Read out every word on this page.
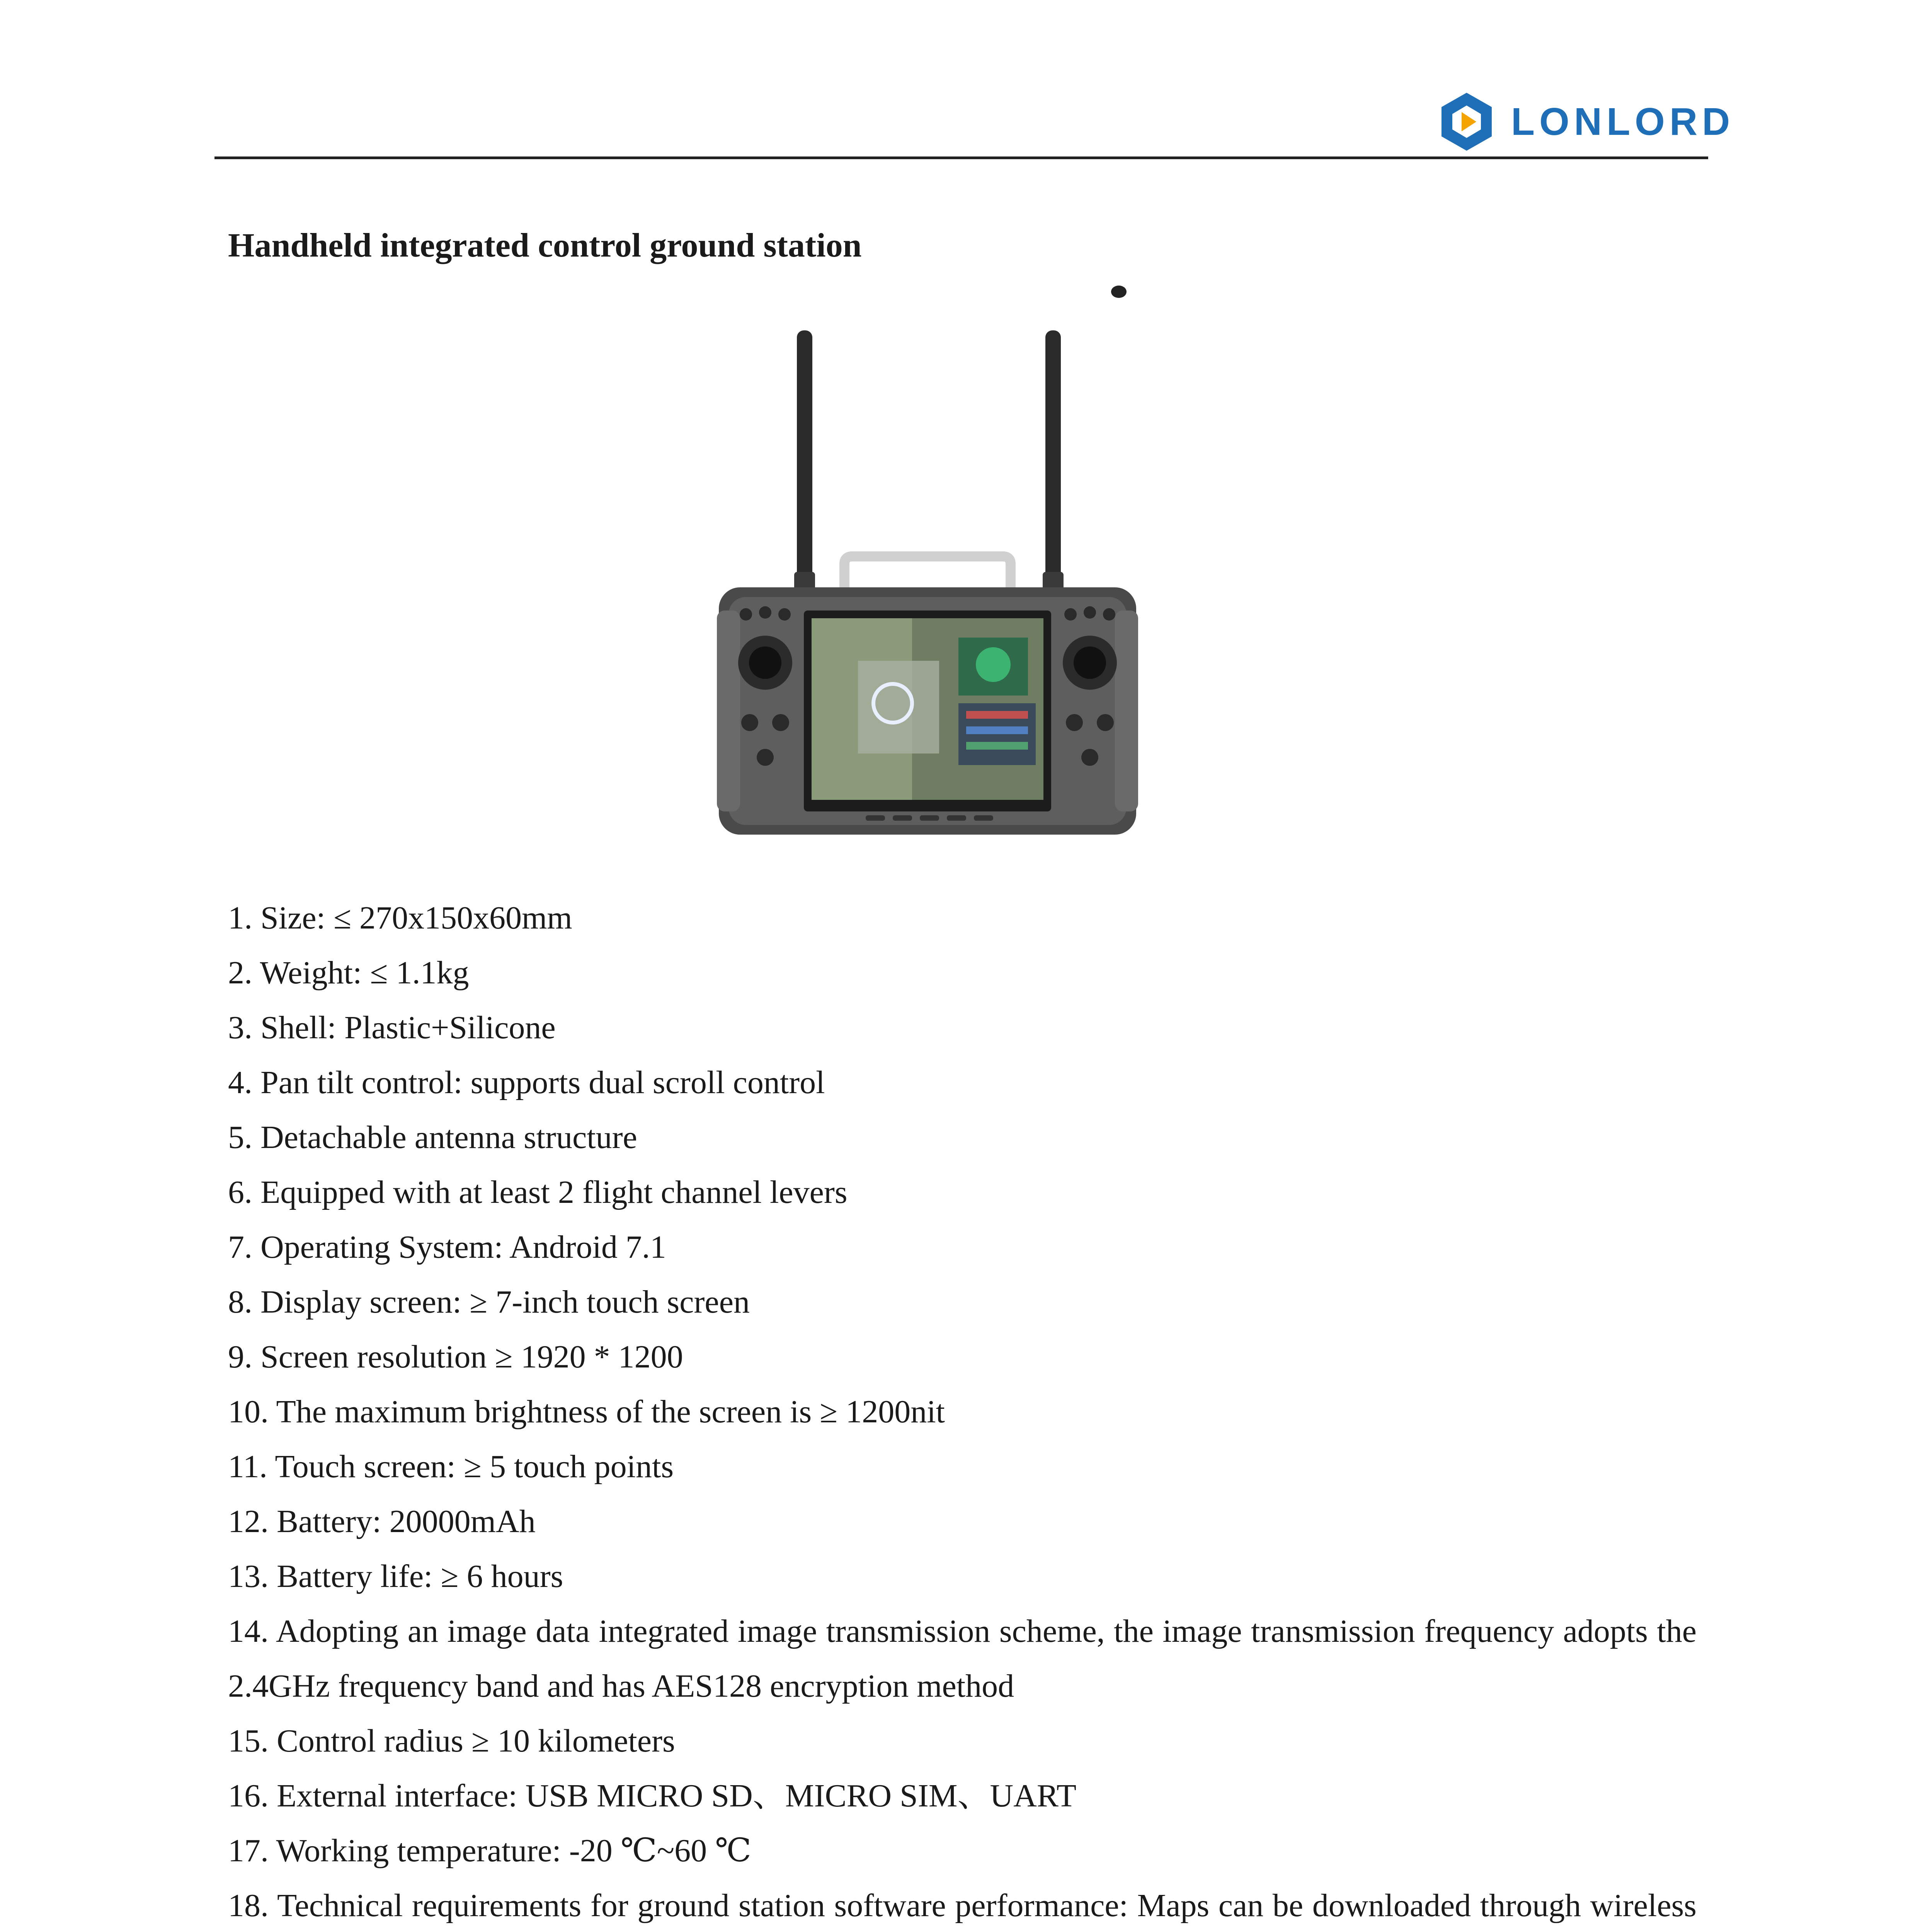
LONLORD
Handheld integrated control ground station

1. Size: ≤ 270x150x60mm

2. Weight: ≤ 1.1kg

3. Shell: Plastic+Silicone

4. Pan tilt control: supports dual scroll control

5. Detachable antenna structure

6. Equipped with at least 2 flight channel levers

7. Operating System: Android 7.1

8. Display screen: ≥ 7-inch touch screen

9. Screen resolution ≥ 1920 * 1200

10. The maximum brightness of the screen is ≥ 1200nit

11. Touch screen: ≥ 5 touch points

12. Battery: 20000mAh

13. Battery life: ≥ 6 hours

14. Adopting an image data integrated image transmission scheme, the image transmission frequency adopts the 2.4GHz frequency band and has AES128 encryption method

15. Control radius ≥ 10 kilometers

16. External interface: USB MICRO SD、MICRO SIM、UART

17. Working temperature: -20 ℃~60 ℃

18. Technical requirements for ground station software performance: Maps can be downloaded through wireless
